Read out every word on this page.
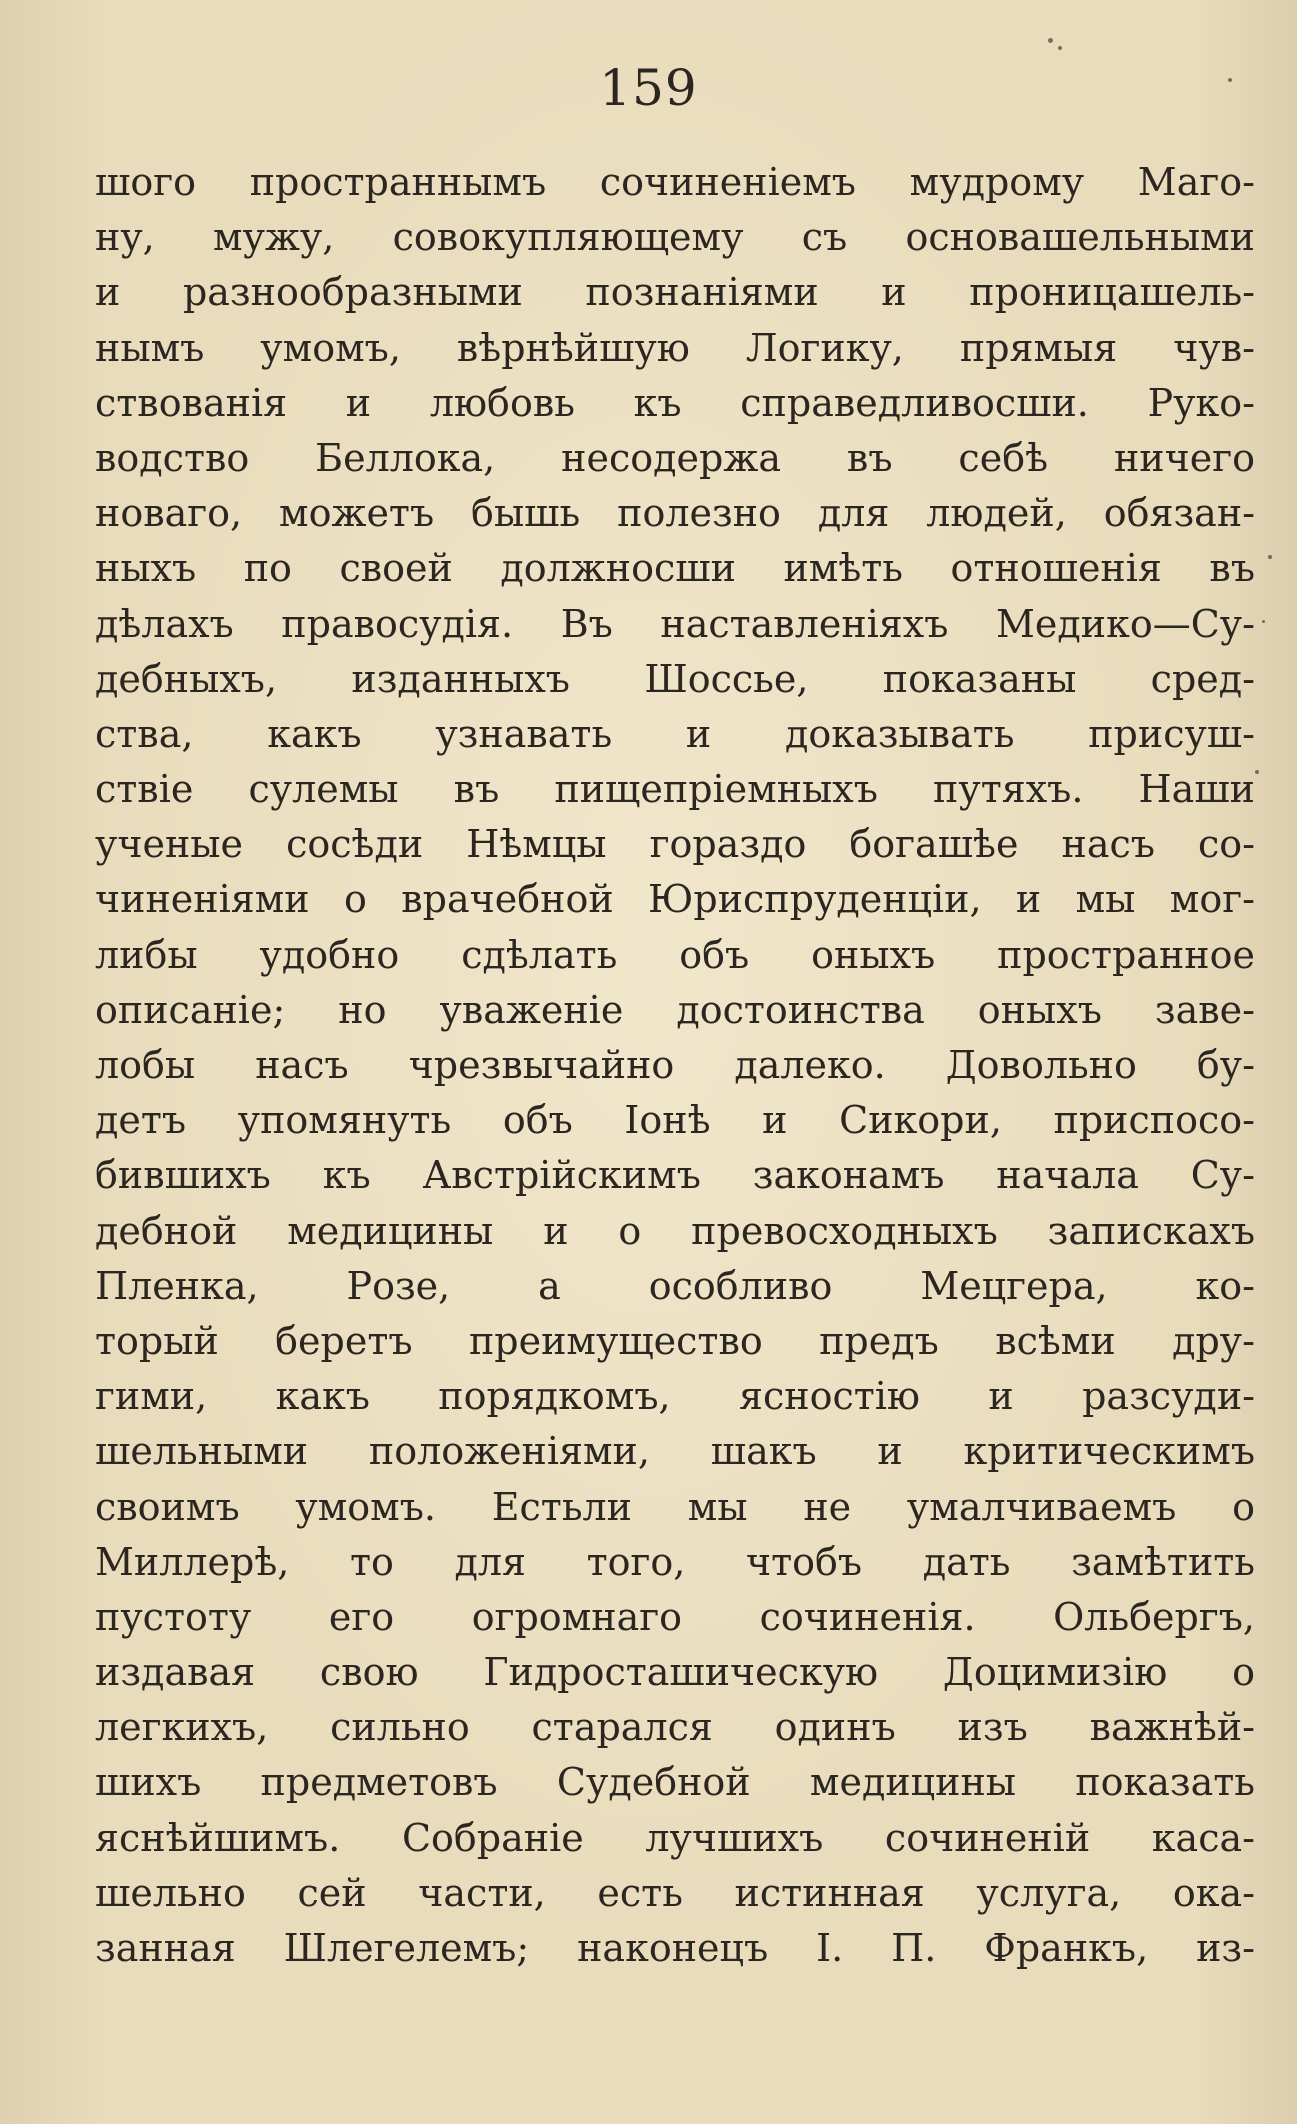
159
шого пространнымъ сочиненіемъ мудрому Маго-
ну, мужу, совокупляющему съ основашельными
и разнообразными познаніями и проницашель-
нымъ умомъ, вѣрнѣйшую Логику, прямыя чув-
ствованія и любовь къ справедливосши. Руко-
водство Беллока, несодержа въ себѣ ничего
новаго, можетъ бышь полезно для людей, обязан-
ныхъ по своей должносши имѣть отношенія въ
дѣлахъ правосудія. Въ наставленіяхъ Медико—Су-
дебныхъ, изданныхъ Шоссье, показаны сред-
ства, какъ узнавать и доказывать присуш-
ствіе сулемы въ пищепріемныхъ путяхъ. Наши
ученые сосѣди Нѣмцы гораздо богашѣе насъ со-
чиненіями о врачебной Юриспруденціи, и мы мог-
либы удобно сдѣлать объ оныхъ пространное
описаніе; но уваженіе достоинства оныхъ заве-
лобы насъ чрезвычайно далеко. Довольно бу-
детъ упомянуть объ Іонѣ и Сикори, приспосо-
бившихъ къ Австрійскимъ законамъ начала Су-
дебной медицины и о превосходныхъ запискахъ
Пленка, Розе, а особливо Мецгера, ко-
торый беретъ преимущество предъ всѣми дру-
гими, какъ порядкомъ, ясностію и разсуди-
шельными положеніями, шакъ и критическимъ
своимъ умомъ. Естьли мы не умалчиваемъ о
Миллерѣ, то для того, чтобъ дать замѣтить
пустоту его огромнаго сочиненія. Ольбергъ,
издавая свою Гидросташическую Доцимизію о
легкихъ, сильно старался одинъ изъ важнѣй-
шихъ предметовъ Судебной медицины показать
яснѣйшимъ. Собраніе лучшихъ сочиненій каса-
шельно сей части, есть истинная услуга, ока-
занная Шлегелемъ; наконецъ І. П. Франкъ, из-
